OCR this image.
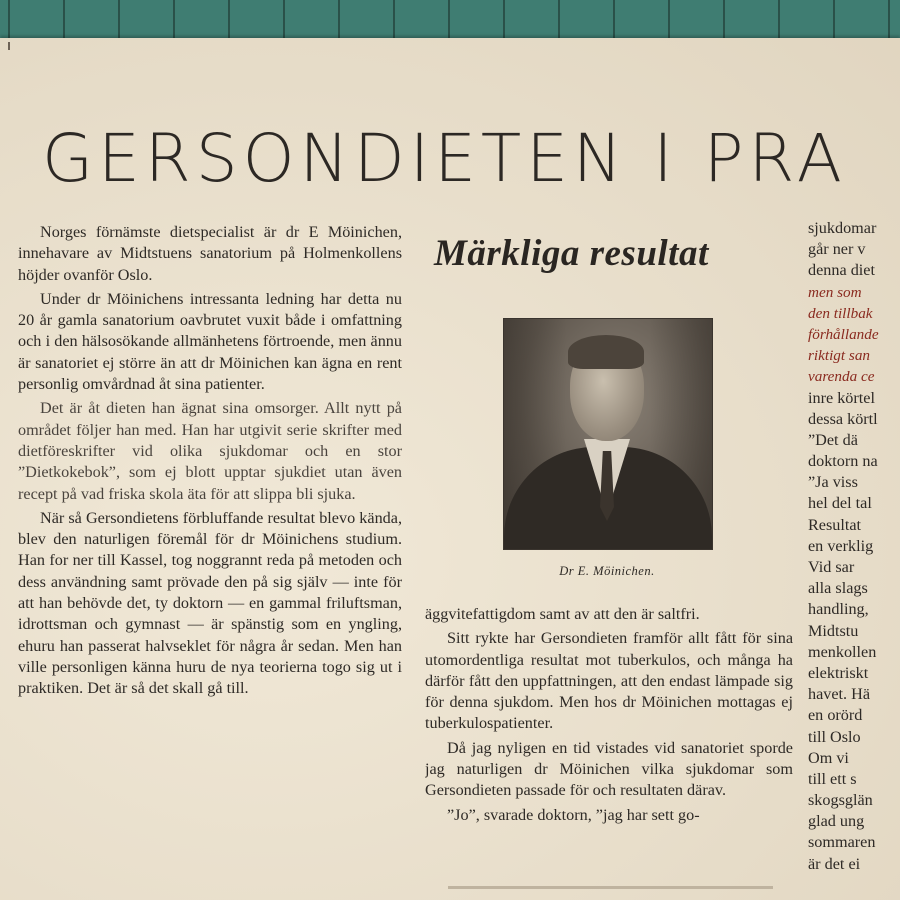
GERSONDIETEN I PRA

Norges förnämste dietspecialist är dr E Möinichen, innehavare av Midtstuens sanatorium på Holmenkollens höjder ovanför Oslo.

Under dr Möinichens intressanta ledning har detta nu 20 år gamla sanatorium oavbrutet vuxit både i omfattning och i den hälsosökande allmänhetens förtroende, men ännu är sanatoriet ej större än att dr Möinichen kan ägna en rent personlig omvårdnad åt sina patienter.

Det är åt dieten han ägnat sina omsorger. Allt nytt på området följer han med. Han har utgivit serie skrifter med dietföreskrifter vid olika sjukdomar och en stor ”Dietkokebok”, som ej blott upptar sjukdiet utan även recept på vad friska skola äta för att slippa bli sjuka.

När så Gersondietens förbluffande resultat blevo kända, blev den naturligen föremål för dr Möinichens studium. Han for ner till Kassel, tog noggrannt reda på metoden och dess användning samt prövade den på sig själv — inte för att han behövde det, ty doktorn — en gammal friluftsman, idrottsman och gymnast — är spänstig som en yngling, ehuru han passerat halvseklet för några år sedan. Men han ville personligen känna huru de nya teorierna togo sig ut i praktiken. Det är så det skall gå till.

Märkliga resultat
Dr E. Möinichen.

äggvitefattigdom samt av att den är saltfri.

Sitt rykte har Gersondieten framför allt fått för sina utomordentliga resultat mot tuberkulos, och många ha därför fått den uppfattningen, att den endast lämpade sig för denna sjukdom. Men hos dr Möinichen mottagas ej tuberkulospatienter.

Då jag nyligen en tid vistades vid sanatoriet sporde jag naturligen dr Möinichen vilka sjukdomar som Gersondieten passade för och resultaten därav.

”Jo”, svarade doktorn, ”jag har sett go-

sjukdomar
går ner v
denna diet
men som
den tillbak
förhållande
riktigt san
varenda ce
inre körtel
dessa körtl
”Det dä
doktorn na
”Ja viss
hel del tal
Resultat
en verklig
Vid sar
alla slags
handling,
Midtstu
menkollen
elektriskt
havet. Hä
en orörd
till Oslo
Om vi
till ett s
skogsglän
glad ung
sommaren
är det ei
